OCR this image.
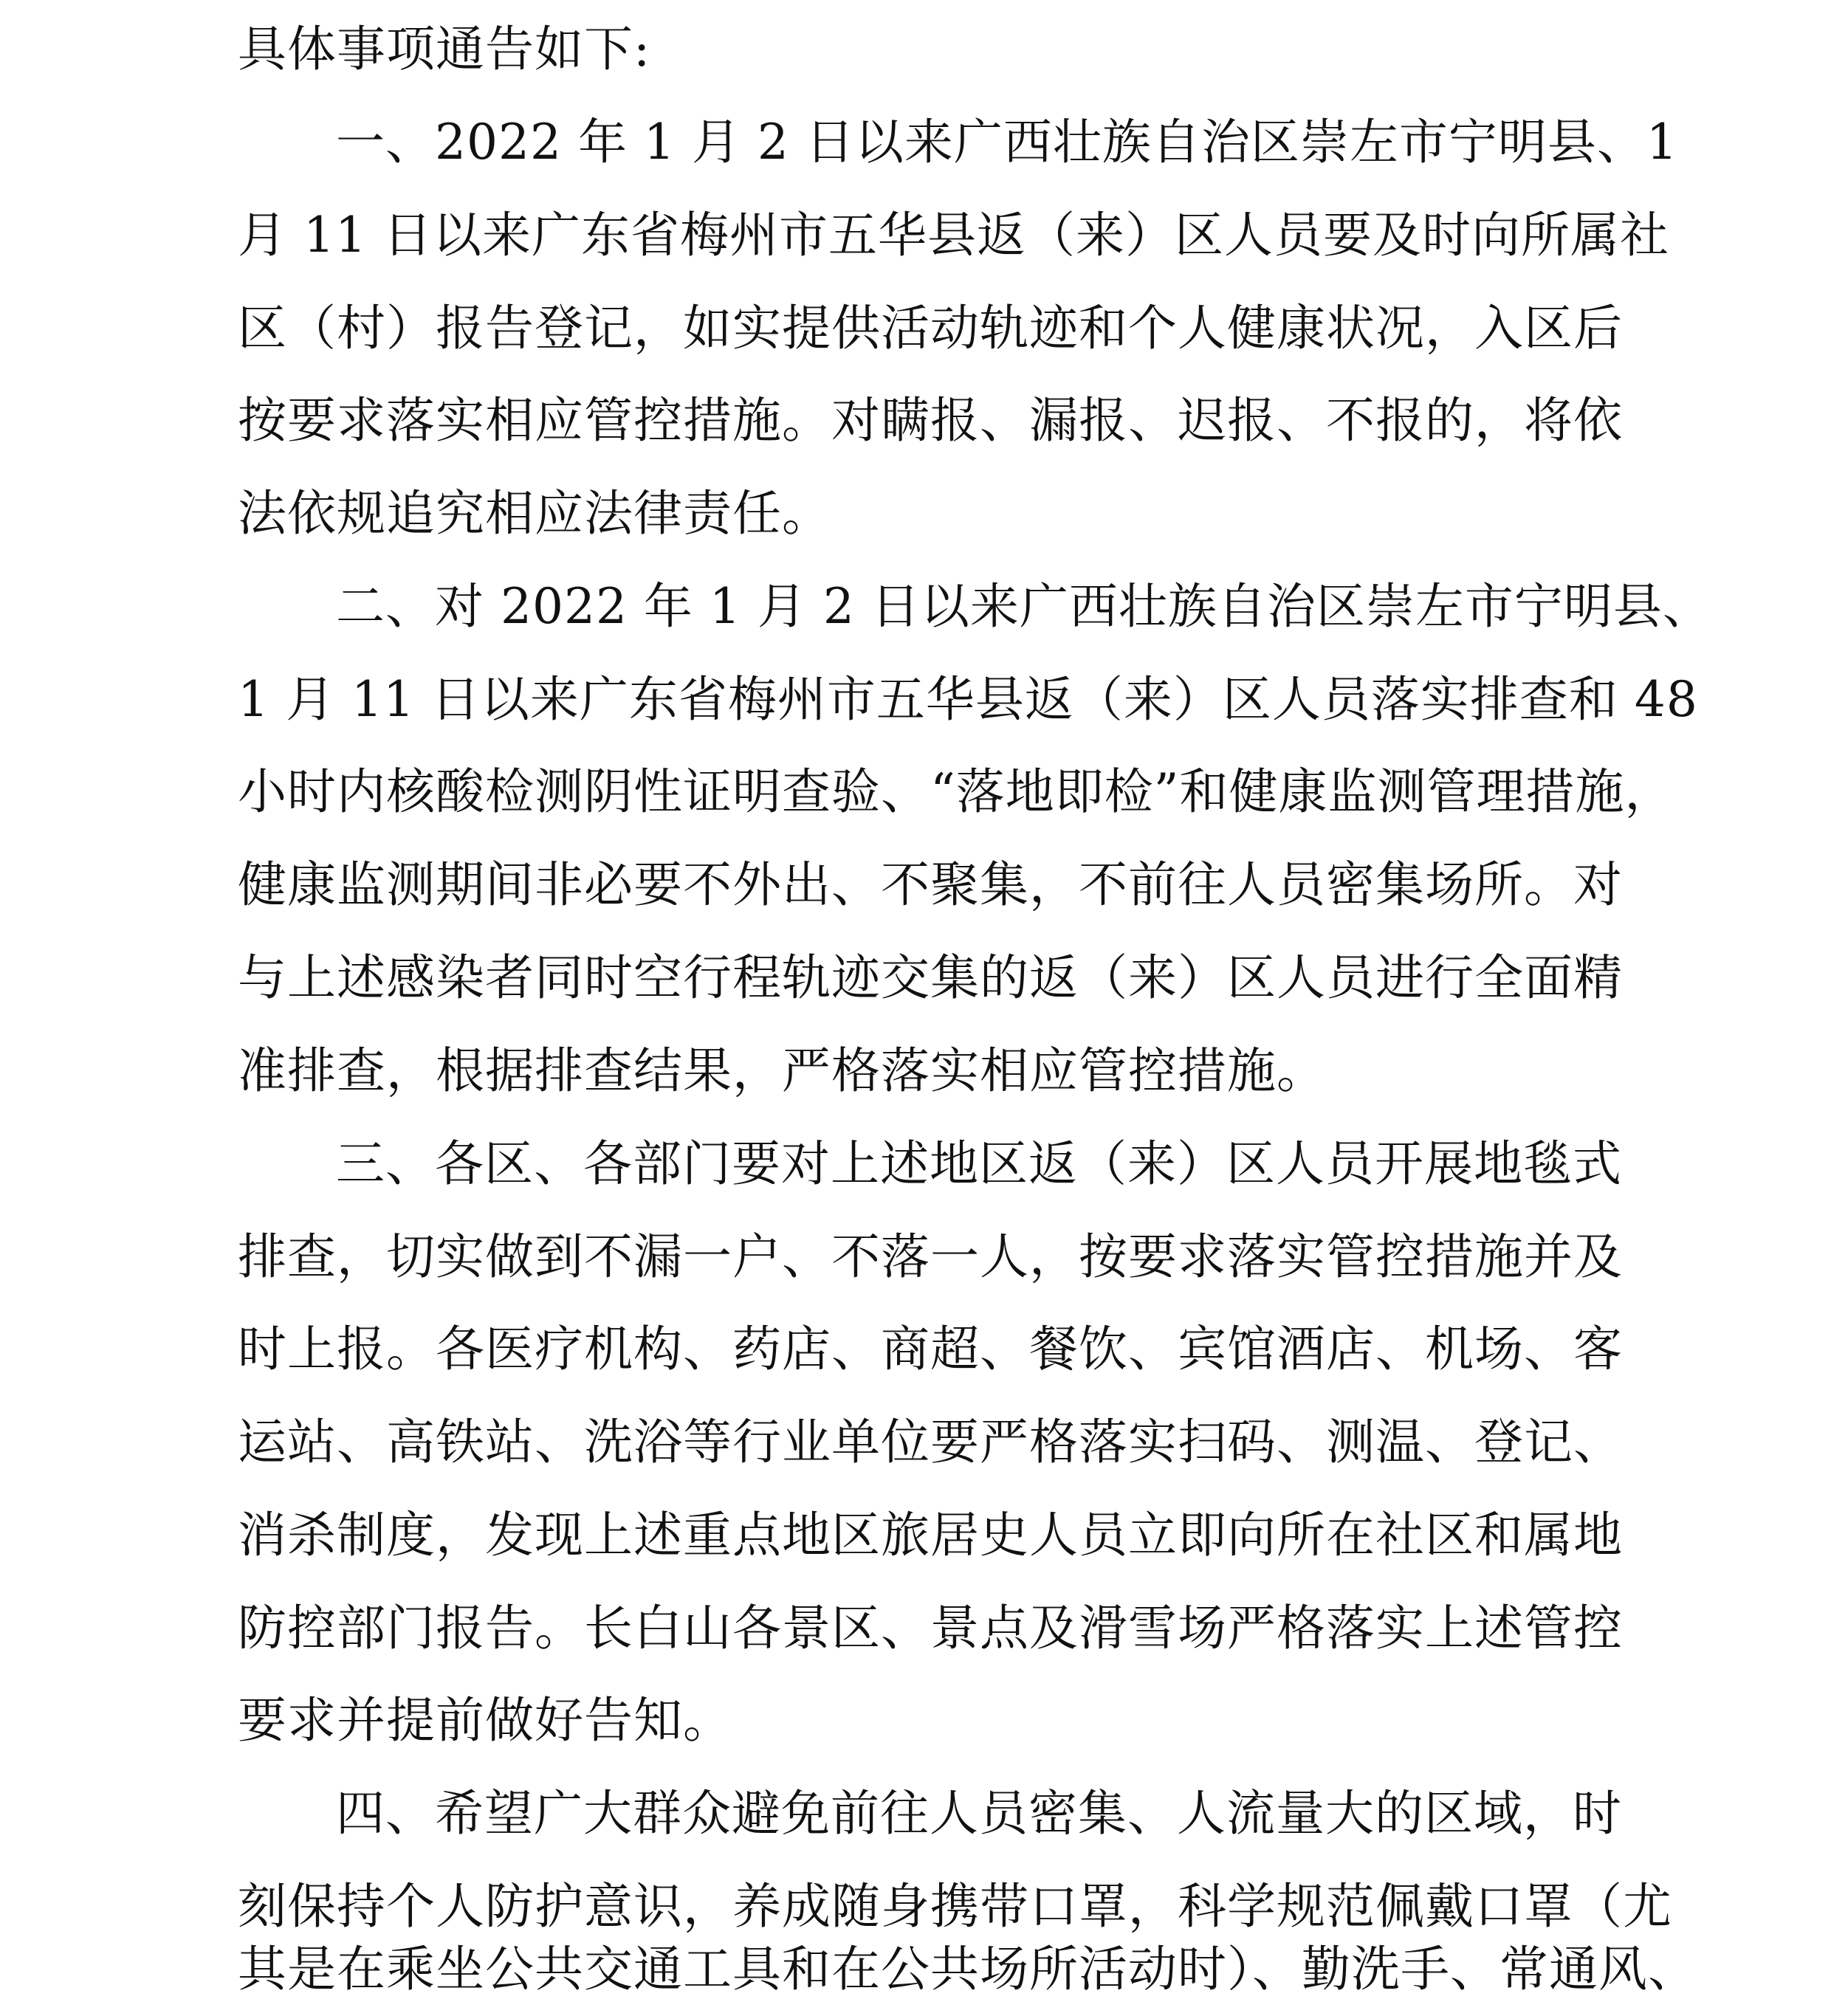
具体事项通告如下:
一、2022 年 1 月 2 日以来广西壮族自治区崇左市宁明县、1
月 11 日以来广东省梅州市五华县返（来）区人员要及时向所属社
区（村）报告登记，如实提供活动轨迹和个人健康状况，入区后
按要求落实相应管控措施。对瞒报、漏报、迟报、不报的，将依
法依规追究相应法律责任。
二、对 2022 年 1 月 2 日以来广西壮族自治区崇左市宁明县、
1 月 11 日以来广东省梅州市五华县返（来）区人员落实排查和 48
小时内核酸检测阴性证明查验、“落地即检”和健康监测管理措施，
健康监测期间非必要不外出、不聚集，不前往人员密集场所。对
与上述感染者同时空行程轨迹交集的返（来）区人员进行全面精
准排查，根据排查结果，严格落实相应管控措施。
三、各区、各部门要对上述地区返（来）区人员开展地毯式
排查，切实做到不漏一户、不落一人，按要求落实管控措施并及
时上报。各医疗机构、药店、商超、餐饮、宾馆酒店、机场、客
运站、高铁站、洗浴等行业单位要严格落实扫码、测温、登记、
消杀制度，发现上述重点地区旅居史人员立即向所在社区和属地
防控部门报告。长白山各景区、景点及滑雪场严格落实上述管控
要求并提前做好告知。
四、希望广大群众避免前往人员密集、人流量大的区域，时
刻保持个人防护意识，养成随身携带口罩，科学规范佩戴口罩（尤
其是在乘坐公共交通工具和在公共场所活动时）、勤洗手、常通风、
